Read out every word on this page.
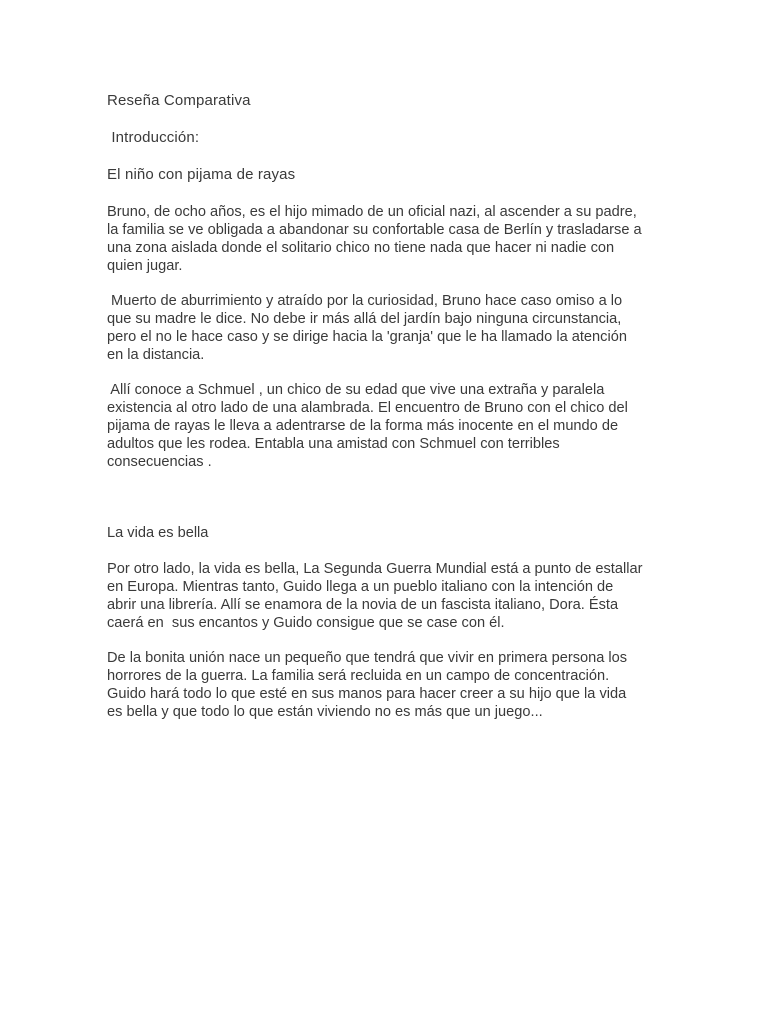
Reseña Comparativa
Introducción:
El niño con pijama de rayas
Bruno, de ocho años, es el hijo mimado de un oficial nazi, al ascender a su padre,
la familia se ve obligada a abandonar su confortable casa de Berlín y trasladarse a
una zona aislada donde el solitario chico no tiene nada que hacer ni nadie con
quien jugar.
Muerto de aburrimiento y atraído por la curiosidad, Bruno hace caso omiso a lo
que su madre le dice. No debe ir más allá del jardín bajo ninguna circunstancia,
pero el no le hace caso y se dirige hacia la 'granja' que le ha llamado la atención
en la distancia.
Allí conoce a Schmuel , un chico de su edad que vive una extraña y paralela
existencia al otro lado de una alambrada. El encuentro de Bruno con el chico del
pijama de rayas le lleva a adentrarse de la forma más inocente en el mundo de
adultos que les rodea. Entabla una amistad con Schmuel con terribles
consecuencias .
La vida es bella
Por otro lado, la vida es bella, La Segunda Guerra Mundial está a punto de estallar
en Europa. Mientras tanto, Guido llega a un pueblo italiano con la intención de
abrir una librería. Allí se enamora de la novia de un fascista italiano, Dora. Ésta
caerá en  sus encantos y Guido consigue que se case con él.
De la bonita unión nace un pequeño que tendrá que vivir en primera persona los
horrores de la guerra. La familia será recluida en un campo de concentración.
Guido hará todo lo que esté en sus manos para hacer creer a su hijo que la vida
es bella y que todo lo que están viviendo no es más que un juego...
